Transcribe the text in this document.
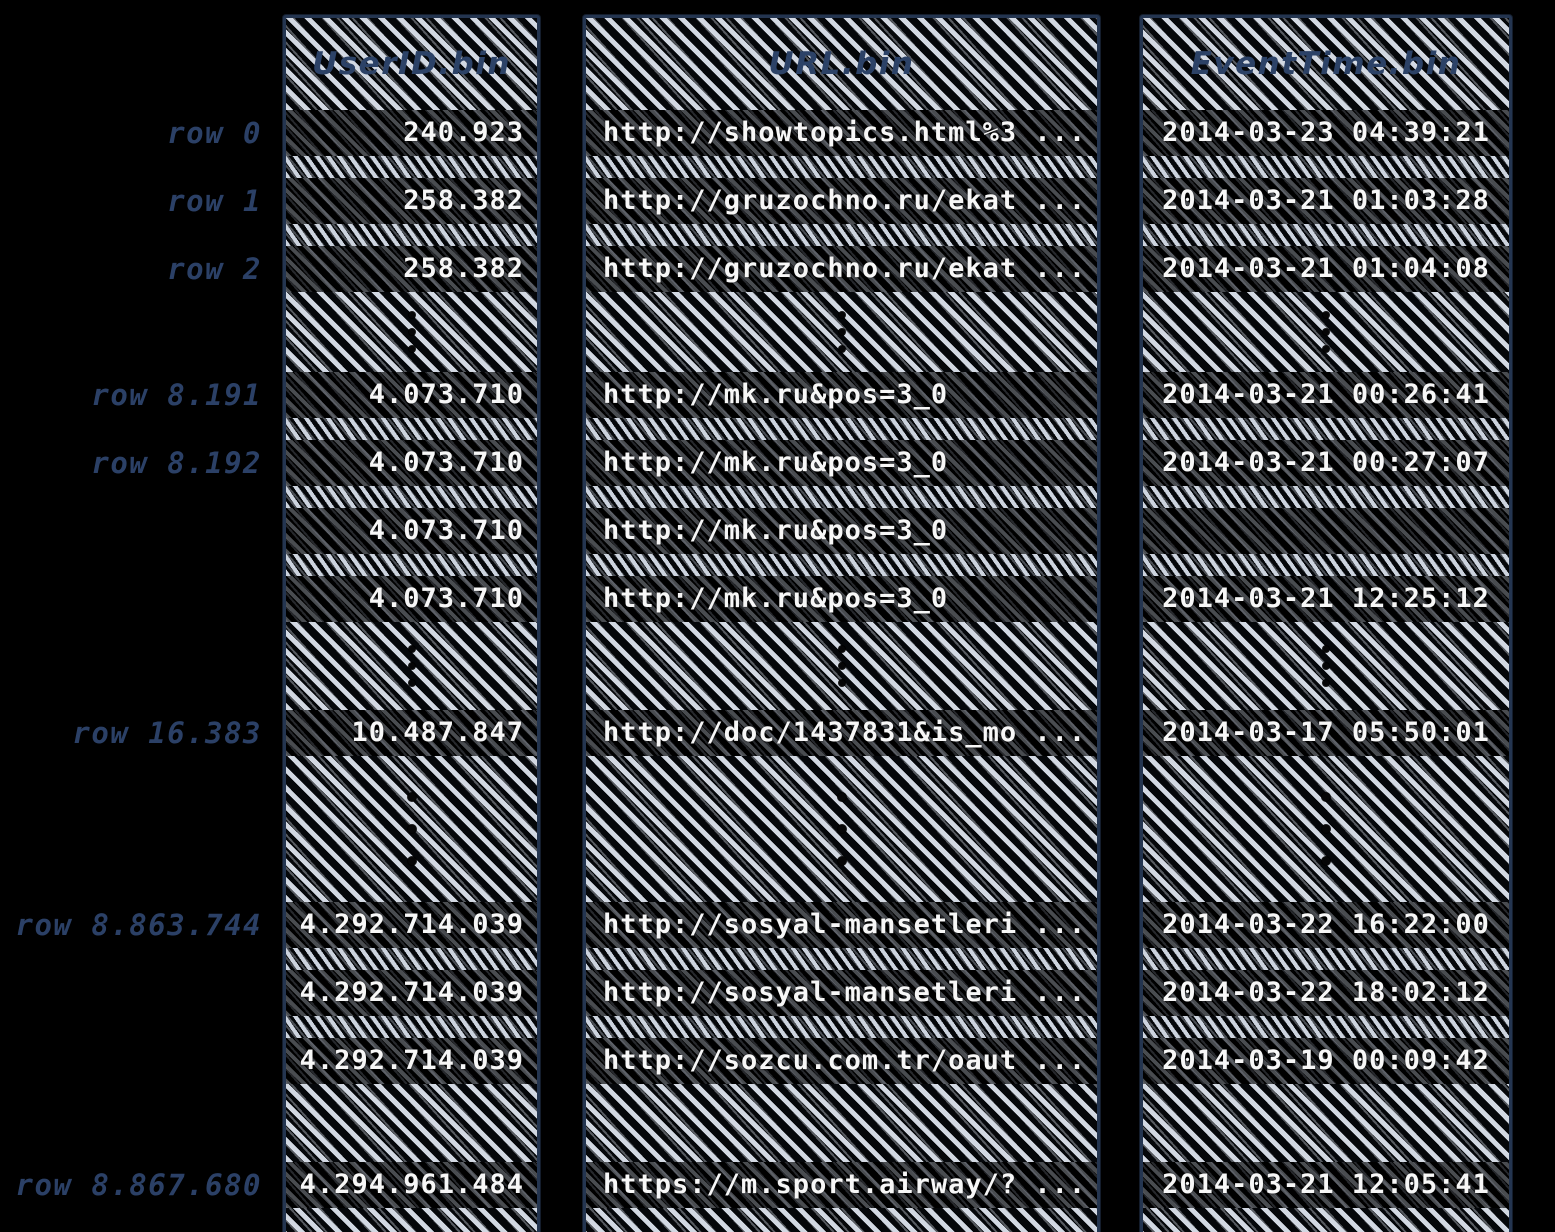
row 0
row 1
row 2
row 8.191
row 8.192
row 16.383
row 8.863.744
row 8.867.680
UserID.bin
240.923
258.382
258.382
4.073.710
4.073.710
4.073.710
4.073.710
10.487.847
4.292.714.039
4.292.714.039
4.292.714.039
4.294.961.484
URL.bin
http://showtopics.html%3 ...
http://gruzochno.ru/ekat ...
http://gruzochno.ru/ekat ...
http://mk.ru&pos=3_0
http://mk.ru&pos=3_0
http://mk.ru&pos=3_0
http://mk.ru&pos=3_0
http://doc/1437831&is_mo ...
http://sosyal-mansetleri ...
http://sosyal-mansetleri ...
http://sozcu.com.tr/oaut ...
https://m.sport.airway/? ...
EventTime.bin
2014-03-23 04:39:21
2014-03-21 01:03:28
2014-03-21 01:04:08
2014-03-21 00:26:41
2014-03-21 00:27:07
2014-03-21 12:25:12
2014-03-17 05:50:01
2014-03-22 16:22:00
2014-03-22 18:02:12
2014-03-19 00:09:42
2014-03-21 12:05:41
